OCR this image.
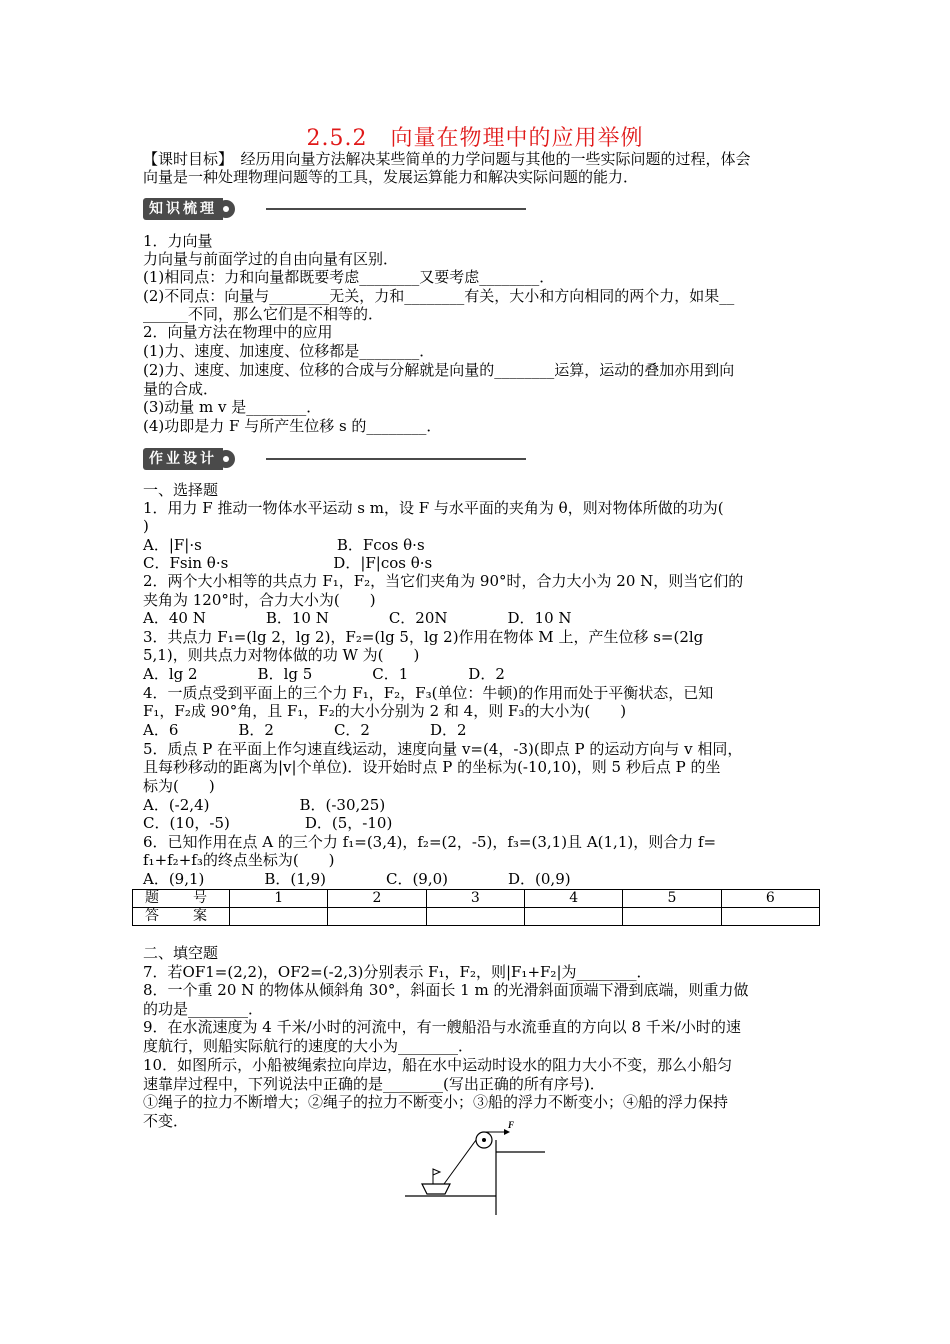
2.5.2　向量在物理中的应用举例
【课时目标】　经历用向量方法解决某些简单的力学问题与其他的一些实际问题的过程，体会
向量是一种处理物理问题等的工具，发展运算能力和解决实际问题的能力．
知识梳理
1．力向量
力向量与前面学过的自由向量有区别．
(1)相同点：力和向量都既要考虑________又要考虑________．
(2)不同点：向量与________无关，力和________有关，大小和方向相同的两个力，如果__
______不同，那么它们是不相等的．
2．向量方法在物理中的应用
(1)力、速度、加速度、位移都是________．
(2)力、速度、加速度、位移的合成与分解就是向量的________运算，运动的叠加亦用到向
量的合成．
(3)动量 m v 是________．
(4)功即是力 F 与所产生位移 s 的________．
作业设计
一、选择题
1．用力 F 推动一物体水平运动 s m，设 F 与水平面的夹角为 θ，则对物体所做的功为(
)
A．|F|·s　　　　　　　　　B．Fcos θ·s
C．Fsin θ·s　　　　　　　D．|F|cos θ·s
2．两个大小相等的共点力 F₁，F₂，当它们夹角为 90°时，合力大小为 20 N，则当它们的
夹角为 120°时，合力大小为(　　)
A．40 N　　　　B．10 N　　　　C．20N　　　　D．10 N
3．共点力 F₁=(lg 2，lg 2)，F₂=(lg 5，lg 2)作用在物体 M 上，产生位移 s=(2lg
5,1)，则共点力对物体做的功 W 为(　　)
A．lg 2　　　　B．lg 5　　　　C．1　　　　D．2
4．一质点受到平面上的三个力 F₁，F₂，F₃(单位：牛顿)的作用而处于平衡状态，已知
F₁，F₂成 90°角，且 F₁，F₂的大小分别为 2 和 4，则 F₃的大小为(　　)
A．6　　　　B．2　　　　C．2　　　　D．2
5．质点 P 在平面上作匀速直线运动，速度向量 v=(4，-3)(即点 P 的运动方向与 v 相同，
且每秒移动的距离为|v|个单位)．设开始时点 P 的坐标为(-10,10)，则 5 秒后点 P 的坐
标为(　　)
A．(-2,4)　　　　　　B．(-30,25)
C．(10，-5)　　　　　D．(5，-10)
6．已知作用在点 A 的三个力 f₁=(3,4)，f₂=(2，-5)，f₃=(3,1)且 A(1,1)，则合力 f=
f₁+f₂+f₃的终点坐标为(　　)
A．(9,1)　　　　B．(1,9)　　　　C．(9,0)　　　　D．(0,9)
题　号	1	2	3	4	5	6
答　案						
二、填空题
7．若OF1=(2,2)，OF2=(-2,3)分别表示 F₁，F₂，则|F₁+F₂|为________．
8．一个重 20 N 的物体从倾斜角 30°，斜面长 1 m 的光滑斜面顶端下滑到底端，则重力做
的功是________．
9．在水流速度为 4 千米/小时的河流中，有一艘船沿与水流垂直的方向以 8 千米/小时的速
度航行，则船实际航行的速度的大小为________．
10．如图所示，小船被绳索拉向岸边，船在水中运动时设水的阻力大小不变，那么小船匀
速靠岸过程中，下列说法中正确的是________(写出正确的所有序号)．
①绳子的拉力不断增大；②绳子的拉力不断变小；③船的浮力不断变小；④船的浮力保持
不变．	F
